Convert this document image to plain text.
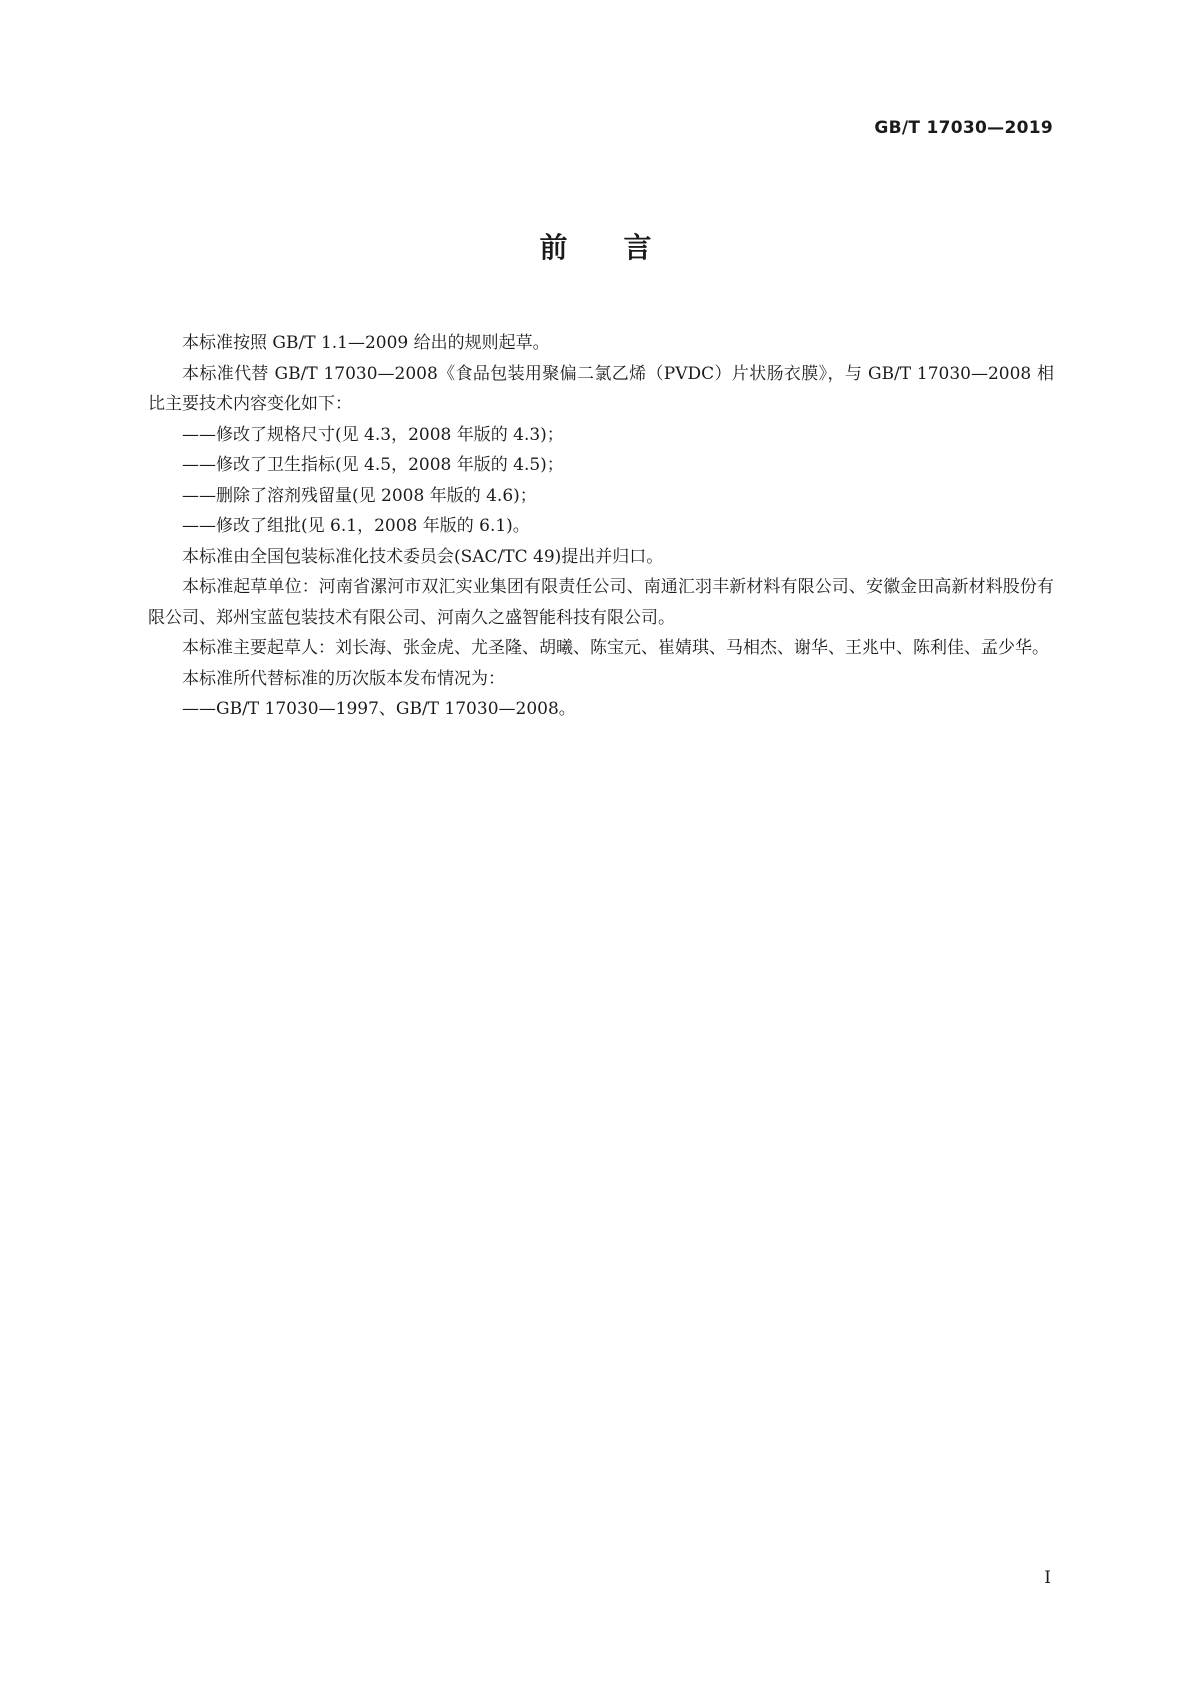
GB/T 17030—2019
前言

本标准按照 GB/T 1.1—2009 给出的规则起草。

本标准代替 GB/T 17030—2008《食品包装用聚偏二氯乙烯（PVDC）片状肠衣膜》，与 GB/T 17030—2008 相比主要技术内容变化如下：

——修改了规格尺寸(见 4.3，2008 年版的 4.3)；

——修改了卫生指标(见 4.5，2008 年版的 4.5)；

——删除了溶剂残留量(见 2008 年版的 4.6)；

——修改了组批(见 6.1，2008 年版的 6.1)。

本标准由全国包装标准化技术委员会(SAC/TC 49)提出并归口。

本标准起草单位：河南省漯河市双汇实业集团有限责任公司、南通汇羽丰新材料有限公司、安徽金田高新材料股份有限公司、郑州宝蓝包装技术有限公司、河南久之盛智能科技有限公司。

本标准主要起草人：刘长海、张金虎、尤圣隆、胡曦、陈宝元、崔婧琪、马相杰、谢华、王兆中、陈利佳、孟少华。

本标准所代替标准的历次版本发布情况为：

——GB/T 17030—1997、GB/T 17030—2008。

I
